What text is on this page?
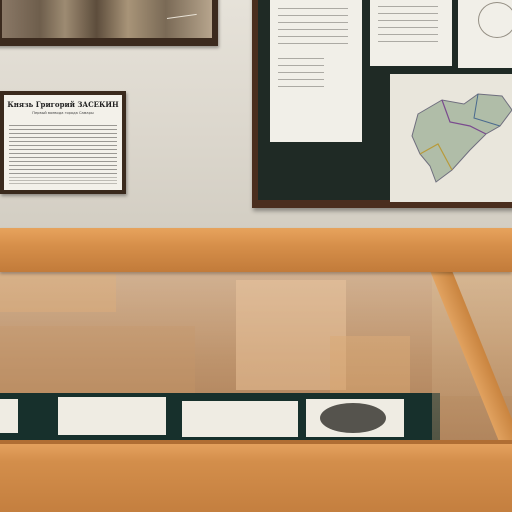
Князь Григорий ЗАСЕКИН
Первый воевода города Самары
